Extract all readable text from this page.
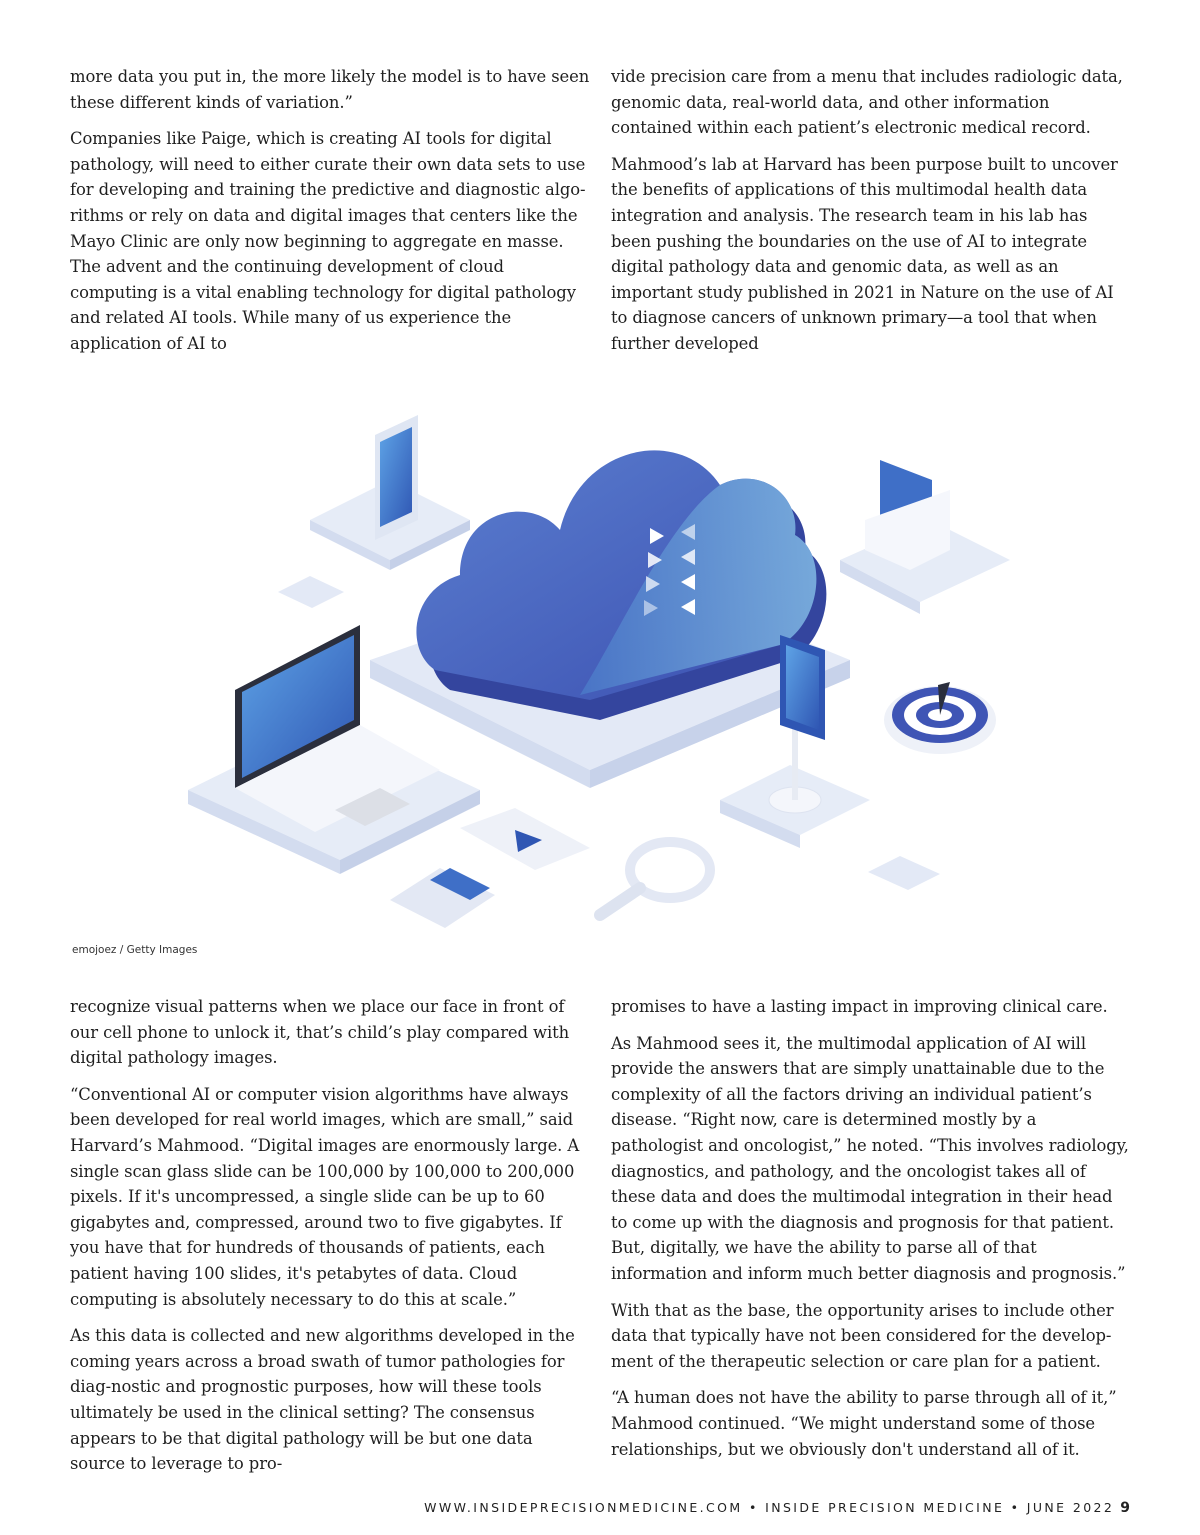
more data you put in, the more likely the model is to have seen these different kinds of variation.”

Companies like Paige, which is creating AI tools for digital pathology, will need to either curate their own data sets to use for developing and training the predictive and diagnostic algo-rithms or rely on data and digital images that centers like the Mayo Clinic are only now beginning to aggregate en masse.

The advent and the continuing development of cloud computing is a vital enabling technology for digital pathology and related AI tools. While many of us experience the application of AI to

vide precision care from a menu that includes radiologic data, genomic data, real-world data, and other information contained within each patient’s electronic medical record.

Mahmood’s lab at Harvard has been purpose built to uncover the benefits of applications of this multimodal health data integration and analysis. The research team in his lab has been pushing the boundaries on the use of AI to integrate digital pathology data and genomic data, as well as an important study published in 2021 in Nature on the use of AI to diagnose cancers of unknown primary—a tool that when further developed

emojoez / Getty Images

recognize visual patterns when we place our face in front of our cell phone to unlock it, that’s child’s play compared with digital pathology images.

“Conventional AI or computer vision algorithms have always been developed for real world images, which are small,” said Harvard’s Mahmood. “Digital images are enormously large. A single scan glass slide can be 100,000 by 100,000 to 200,000 pixels. If it's uncompressed, a single slide can be up to 60 gigabytes and, compressed, around two to five gigabytes. If you have that for hundreds of thousands of patients, each patient having 100 slides, it's petabytes of data. Cloud computing is absolutely necessary to do this at scale.”

As this data is collected and new algorithms developed in the coming years across a broad swath of tumor pathologies for diag-nostic and prognostic purposes, how will these tools ultimately be used in the clinical setting? The consensus appears to be that digital pathology will be but one data source to leverage to pro-

promises to have a lasting impact in improving clinical care.

As Mahmood sees it, the multimodal application of AI will provide the answers that are simply unattainable due to the complexity of all the factors driving an individual patient’s disease. “Right now, care is determined mostly by a pathologist and oncologist,” he noted. “This involves radiology, diagnostics, and pathology, and the oncologist takes all of these data and does the multimodal integration in their head to come up with the diagnosis and prognosis for that patient. But, digitally, we have the ability to parse all of that information and inform much better diagnosis and prognosis.”

With that as the base, the opportunity arises to include other data that typically have not been considered for the develop-ment of the therapeutic selection or care plan for a patient.

“A human does not have the ability to parse through all of it,” Mahmood continued. “We might understand some of those relationships, but we obviously don't understand all of it.

WWW.INSIDEPRECISIONMEDICINE.COM • INSIDE PRECISION MEDICINE • JUNE 2022 9
